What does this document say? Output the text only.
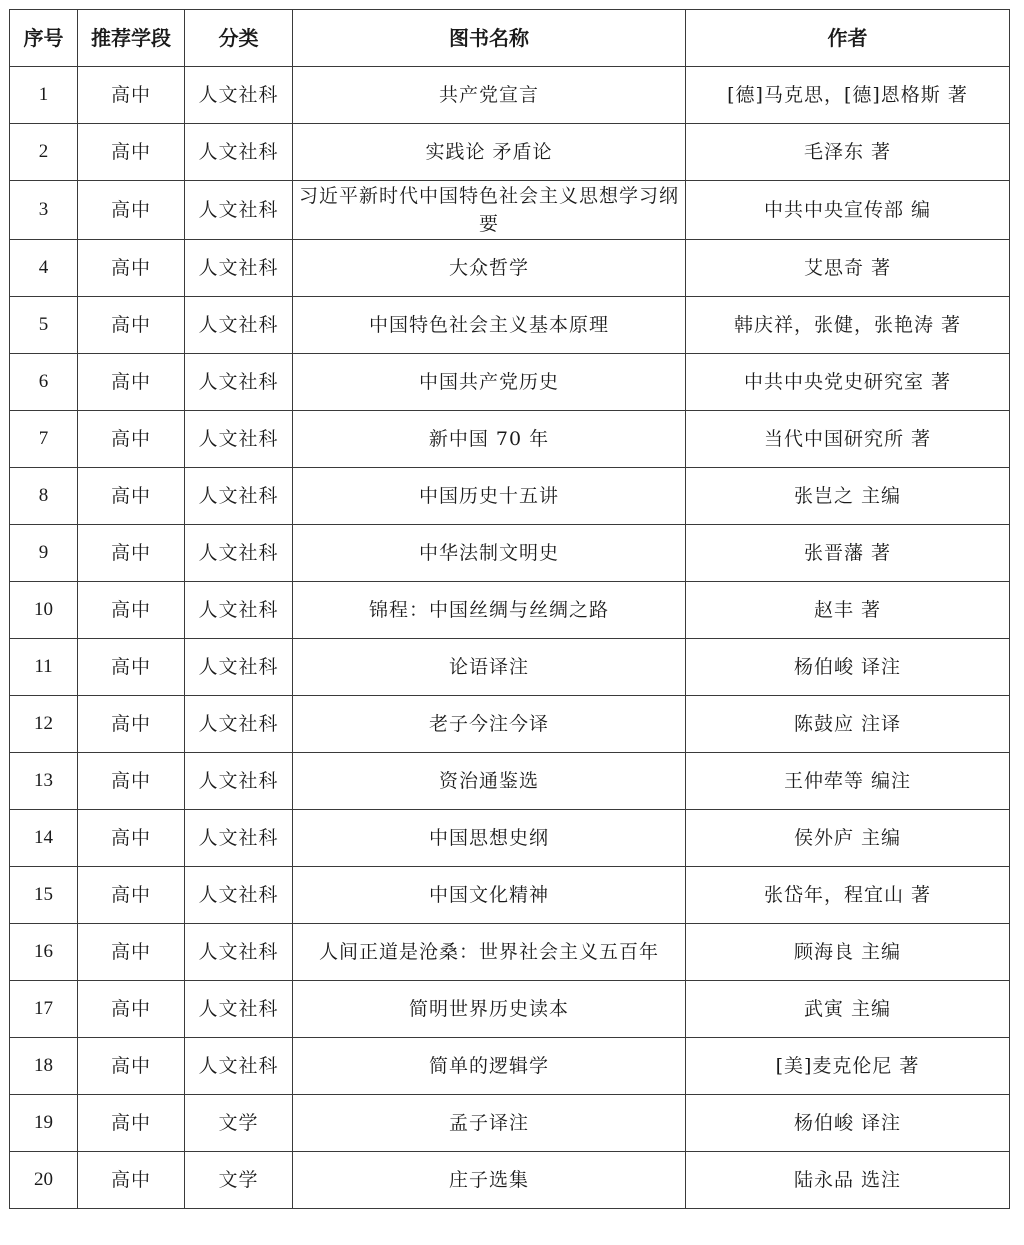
序号	推荐学段	分类	图书名称	作者
1	高中	人文社科	共产党宣言	[德]马克思，[德]恩格斯 著
2	高中	人文社科	实践论 矛盾论	毛泽东 著
3	高中	人文社科	习近平新时代中国特色社会主义思想学习纲要	中共中央宣传部 编
4	高中	人文社科	大众哲学	艾思奇 著
5	高中	人文社科	中国特色社会主义基本原理	韩庆祥，张健，张艳涛 著
6	高中	人文社科	中国共产党历史	中共中央党史研究室 著
7	高中	人文社科	新中国 70 年	当代中国研究所 著
8	高中	人文社科	中国历史十五讲	张岂之 主编
9	高中	人文社科	中华法制文明史	张晋藩 著
10	高中	人文社科	锦程：中国丝绸与丝绸之路	赵丰 著
11	高中	人文社科	论语译注	杨伯峻 译注
12	高中	人文社科	老子今注今译	陈鼓应 注译
13	高中	人文社科	资治通鉴选	王仲荦等 编注
14	高中	人文社科	中国思想史纲	侯外庐 主编
15	高中	人文社科	中国文化精神	张岱年，程宜山 著
16	高中	人文社科	人间正道是沧桑：世界社会主义五百年	顾海良 主编
17	高中	人文社科	简明世界历史读本	武寅 主编
18	高中	人文社科	简单的逻辑学	[美]麦克伦尼 著
19	高中	文学	孟子译注	杨伯峻 译注
20	高中	文学	庄子选集	陆永品 选注
